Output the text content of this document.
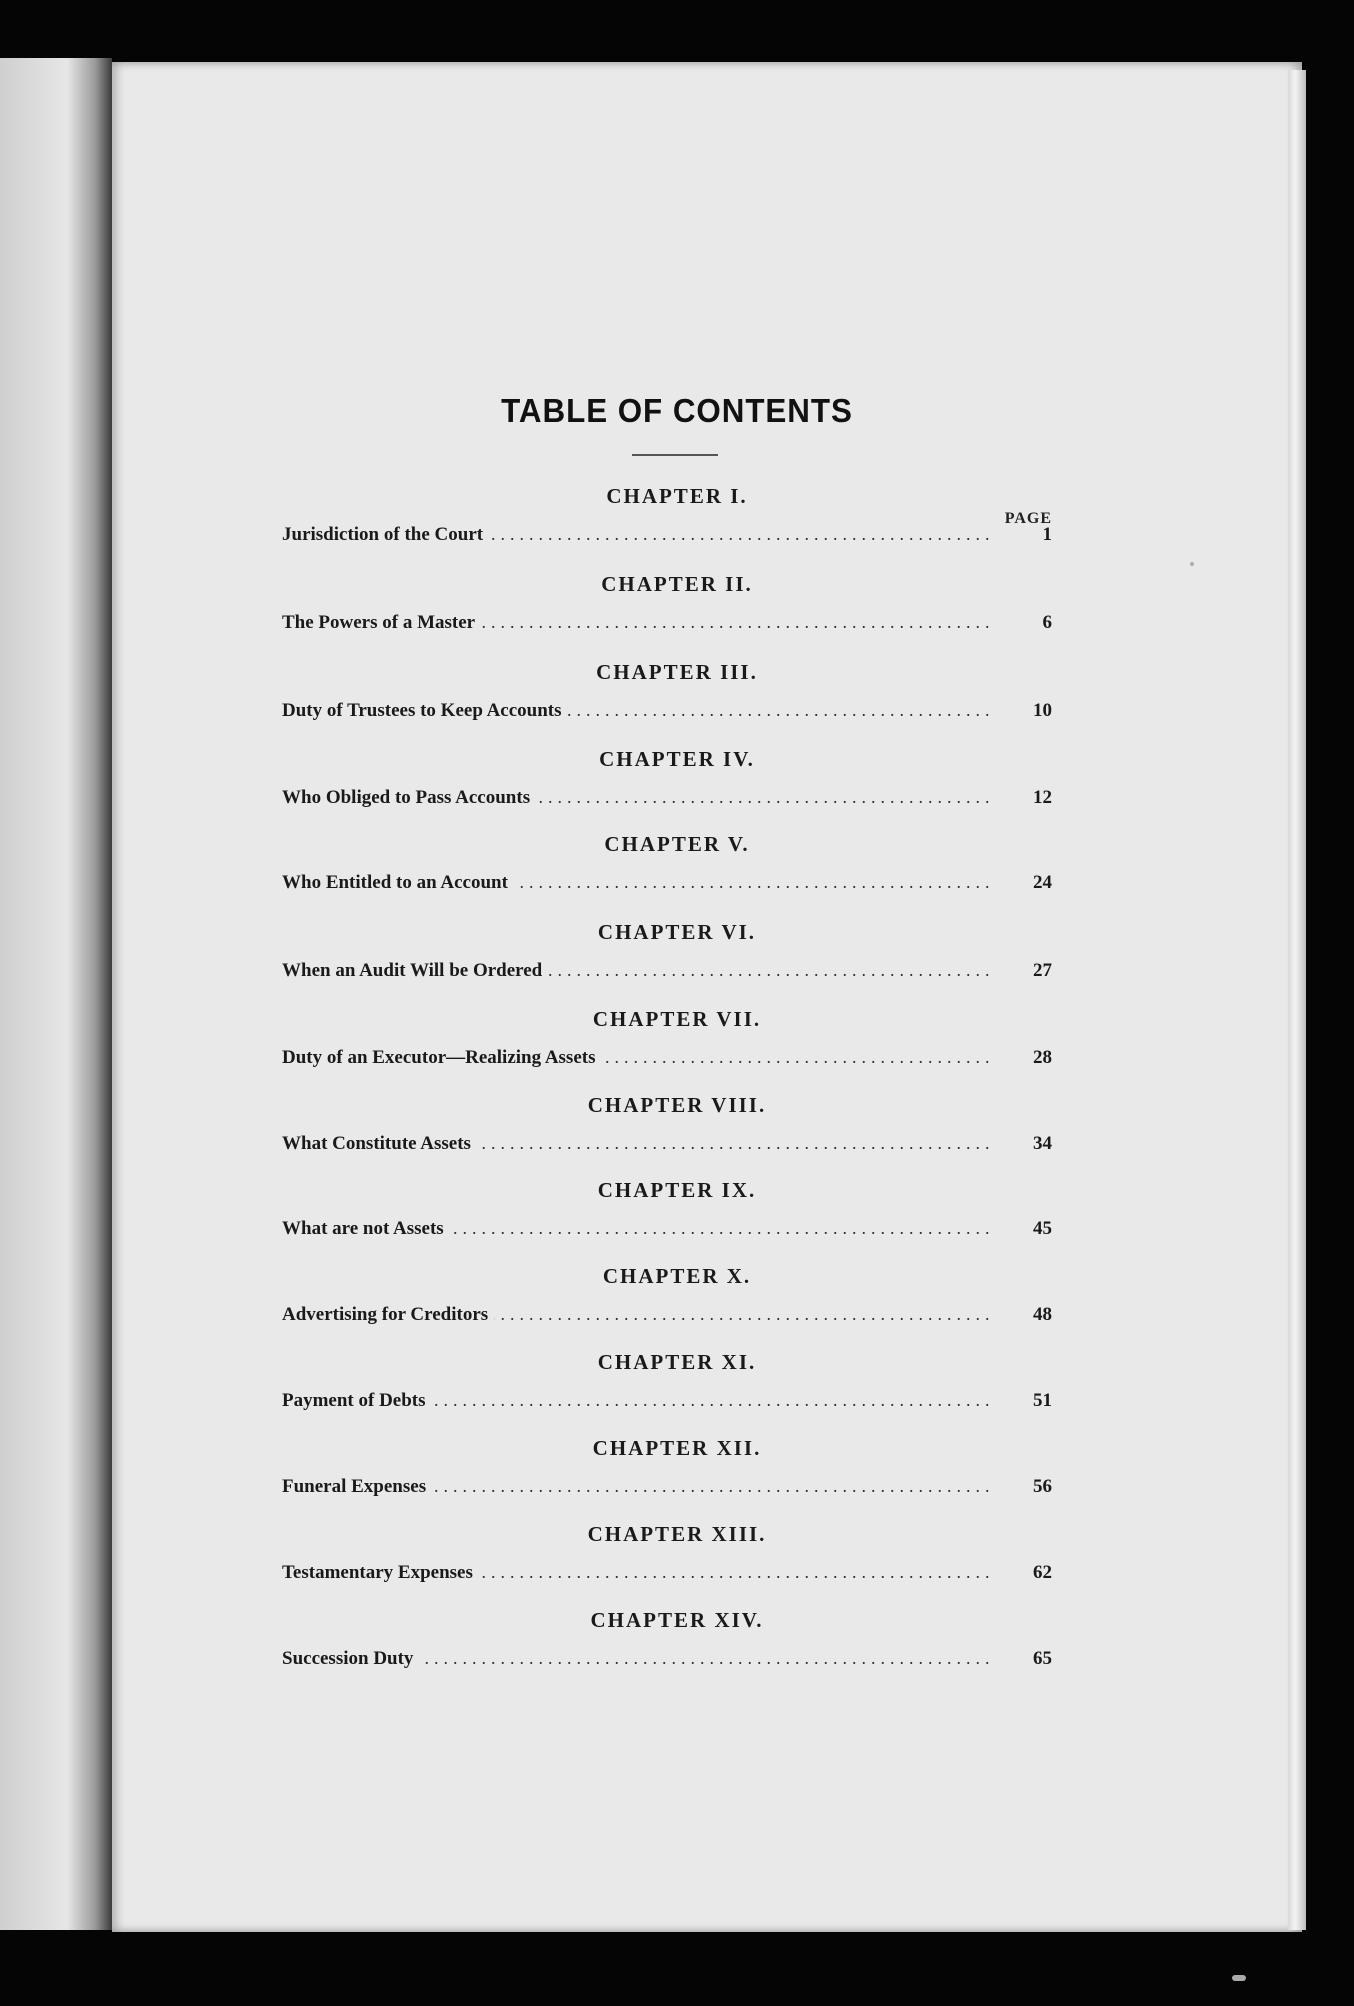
TABLE OF CONTENTS
PAGE
CHAPTER I.
.....
Jurisdiction of the Court	1
CHAPTER II.
.....
The Powers of a Master	6
CHAPTER III.
.....
Duty of Trustees to Keep Accounts	10
CHAPTER IV.
.....
Who Obliged to Pass Accounts	12
CHAPTER V.
.....
Who Entitled to an Account	24
CHAPTER VI.
.....
When an Audit Will be Ordered	27
CHAPTER VII.
.....
Duty of an Executor—Realizing Assets	28
CHAPTER VIII.
.....
What Constitute Assets	34
CHAPTER IX.
.....
What are not Assets	45
CHAPTER X.
.....
Advertising for Creditors	48
CHAPTER XI.
.....
Payment of Debts	51
CHAPTER XII.
.....
Funeral Expenses	56
CHAPTER XIII.
.....
Testamentary Expenses	62
CHAPTER XIV.
.....
Succession Duty	65
